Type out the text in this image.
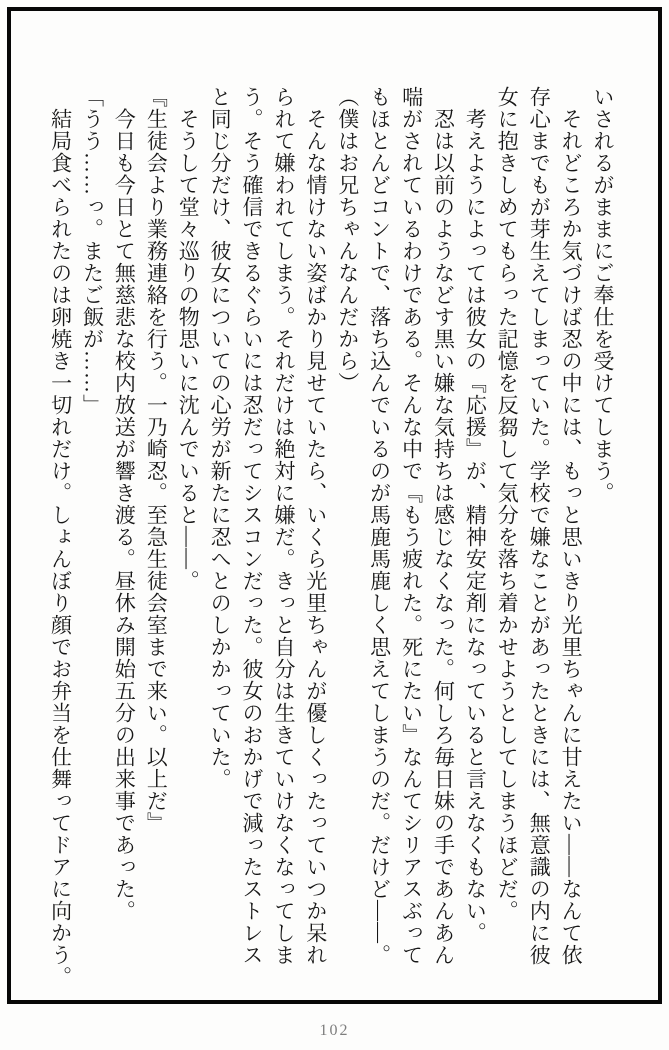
いされるがままにご奉仕を受けてしまう。
　それどころか気づけば忍の中には、もっと思いきり光里ちゃんに甘えたい――なんて依
存心までもが芽生えてしまっていた。学校で嫌なことがあったときには、無意識の内に彼
女に抱きしめてもらった記憶を反芻して気分を落ち着かせようとしてしまうほどだ。
　考えようによっては彼女の『応援』が、精神安定剤になっていると言えなくもない。
　忍は以前のようなどす黒い嫌な気持ちは感じなくなった。何しろ毎日妹の手であんあん
喘がされているわけである。そんな中で『もう疲れた。死にたい』なんてシリアスぶって
もほとんどコントで、落ち込んでいるのが馬鹿馬鹿しく思えてしまうのだ。だけど――。
（僕はお兄ちゃんなんだから）
　そんな情けない姿ばかり見せていたら、いくら光里ちゃんが優しくったっていつか呆れ
られて嫌われてしまう。それだけは絶対に嫌だ。きっと自分は生きていけなくなってしま
う。そう確信できるぐらいには忍だってシスコンだった。彼女のおかげで減ったストレス
と同じ分だけ、彼女についての心労が新たに忍へとのしかかっていた。
　そうして堂々巡りの物思いに沈んでいると――。
『生徒会より業務連絡を行う。一乃崎忍。至急生徒会室まで来い。以上だ』
　今日も今日とて無慈悲な校内放送が響き渡る。昼休み開始五分の出来事であった。
「うう……っ。またご飯が……」
　結局食べられたのは卵焼き一切れだけ。しょんぼり顔でお弁当を仕舞ってドアに向かう。
102
